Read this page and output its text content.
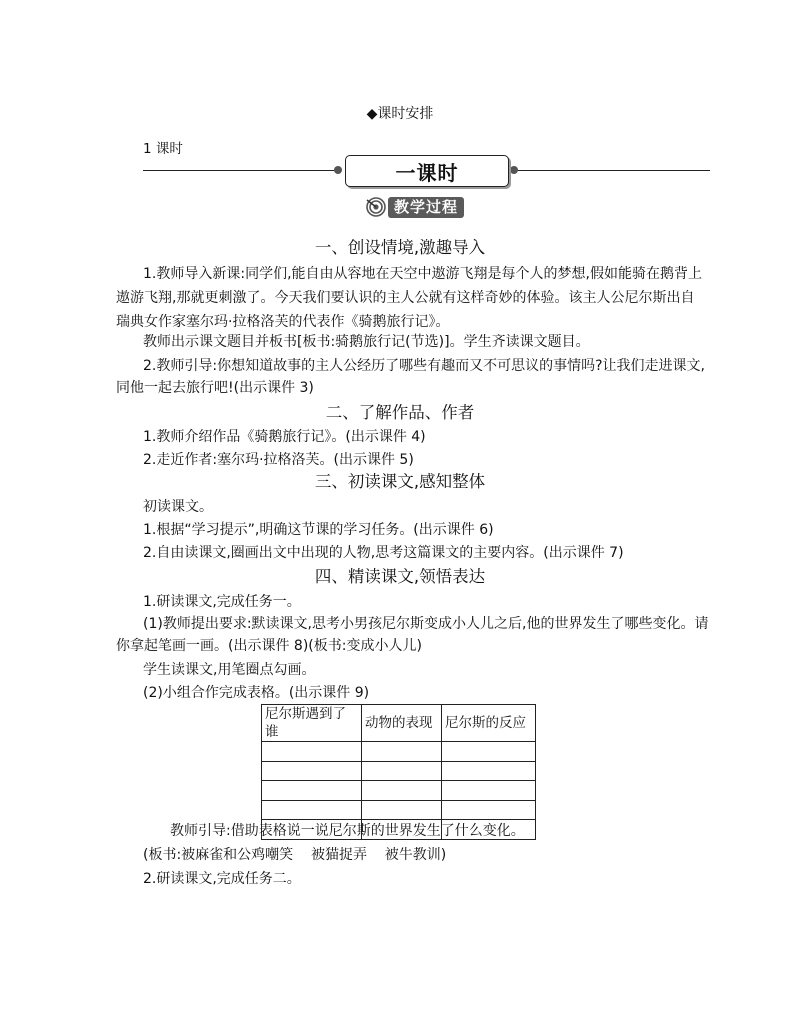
◆课时安排
1 课时
一课时
教学过程
一、创设情境,激趣导入
1.教师导入新课:同学们,能自由从容地在天空中遨游飞翔是每个人的梦想,假如能骑在鹅背上
遨游飞翔,那就更刺激了。今天我们要认识的主人公就有这样奇妙的体验。该主人公尼尔斯出自
瑞典女作家塞尔玛·拉格洛芙的代表作《骑鹅旅行记》。
教师出示课文题目并板书[板书:骑鹅旅行记(节选)]。学生齐读课文题目。
2.教师引导:你想知道故事的主人公经历了哪些有趣而又不可思议的事情吗?让我们走进课文,
同他一起去旅行吧!(出示课件 3)
二、了解作品、作者
1.教师介绍作品《骑鹅旅行记》。(出示课件 4)
2.走近作者:塞尔玛·拉格洛芙。(出示课件 5)
三、初读课文,感知整体
初读课文。
1.根据“学习提示”,明确这节课的学习任务。(出示课件 6)
2.自由读课文,圈画出文中出现的人物,思考这篇课文的主要内容。(出示课件 7)
四、精读课文,领悟表达
1.研读课文,完成任务一。
(1)教师提出要求:默读课文,思考小男孩尼尔斯变成小人儿之后,他的世界发生了哪些变化。请
你拿起笔画一画。(出示课件 8)(板书:变成小人儿)
学生读课文,用笔圈点勾画。
(2)小组合作完成表格。(出示课件 9)
尼尔斯遇到了谁	动物的表现	尼尔斯的反应

教师引导:借助表格说一说尼尔斯的世界发生了什么变化。
(板书:被麻雀和公鸡嘲笑    被猫捉弄    被牛教训)
2.研读课文,完成任务二。
